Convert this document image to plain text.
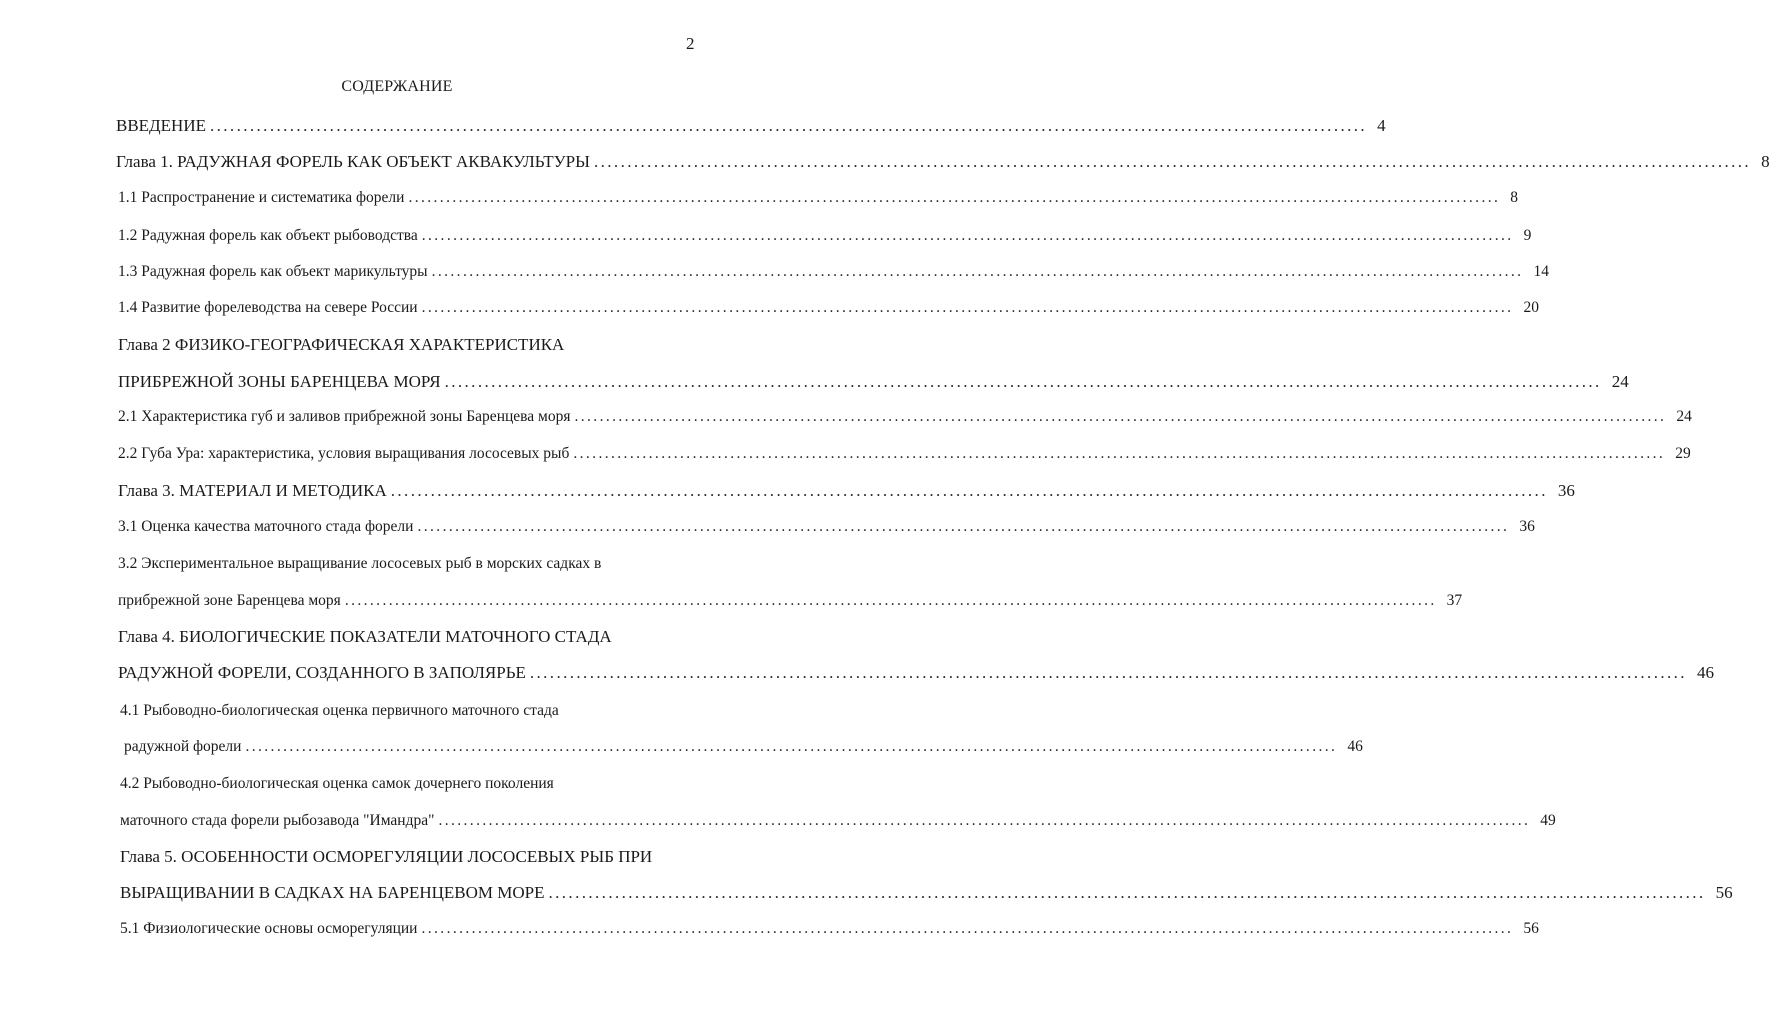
2
СОДЕРЖАНИЕ
ВВЕДЕНИЕ .............................................................................................................................................................................. 4
Глава 1. РАДУЖНАЯ ФОРЕЛЬ КАК ОБЪЕКТ АКВАКУЛЬТУРЫ .............................................................................................................................................................................. 8
1.1 Распространение и систематика форели .............................................................................................................................................................................. 8
1.2 Радужная форель как объект рыбоводства .............................................................................................................................................................................. 9
1.3 Радужная форель как объект марикультуры .............................................................................................................................................................................. 14
1.4 Развитие форелеводства на севере России .............................................................................................................................................................................. 20
Глава 2 ФИЗИКО-ГЕОГРАФИЧЕСКАЯ ХАРАКТЕРИСТИКА
ПРИБРЕЖНОЙ ЗОНЫ БАРЕНЦЕВА МОРЯ .............................................................................................................................................................................. 24
2.1 Характеристика губ и заливов прибрежной зоны Баренцева моря .............................................................................................................................................................................. 24
2.2 Губа Ура: характеристика, условия выращивания лососевых рыб .............................................................................................................................................................................. 29
Глава 3. МАТЕРИАЛ И МЕТОДИКА .............................................................................................................................................................................. 36
3.1 Оценка качества маточного стада форели .............................................................................................................................................................................. 36
3.2 Экспериментальное выращивание лососевых рыб в морских садках в
прибрежной зоне Баренцева моря .............................................................................................................................................................................. 37
Глава 4. БИОЛОГИЧЕСКИЕ ПОКАЗАТЕЛИ МАТОЧНОГО СТАДА
РАДУЖНОЙ ФОРЕЛИ, СОЗДАННОГО В ЗАПОЛЯРЬЕ .............................................................................................................................................................................. 46
4.1 Рыбоводно-биологическая оценка первичного маточного стада
радужной форели .............................................................................................................................................................................. 46
4.2 Рыбоводно-биологическая оценка самок дочернего поколения
маточного стада форели рыбозавода "Имандра" .............................................................................................................................................................................. 49
Глава 5. ОСОБЕННОСТИ ОСМОРЕГУЛЯЦИИ ЛОСОСЕВЫХ РЫБ ПРИ
ВЫРАЩИВАНИИ В САДКАХ НА БАРЕНЦЕВОМ МОРЕ .............................................................................................................................................................................. 56
5.1 Физиологические основы осморегуляции .............................................................................................................................................................................. 56
